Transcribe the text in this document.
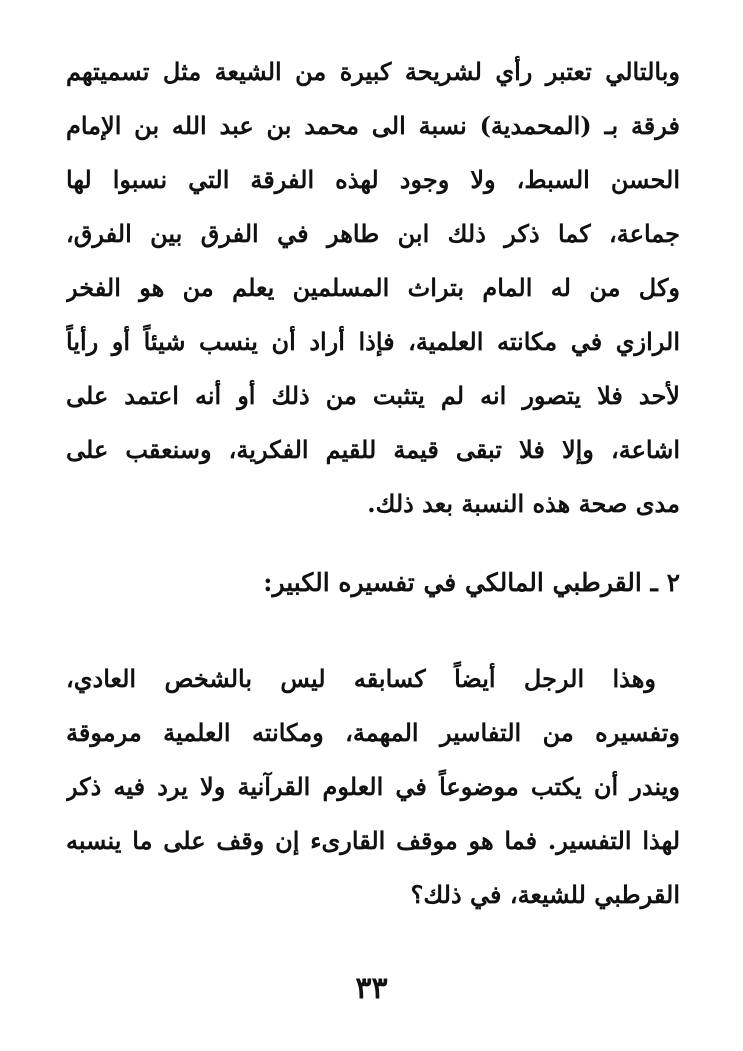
وبالتالي تعتبر رأي لشريحة كبيرة من الشيعة مثل تسميتهم
فرقة بـ (المحمدية) نسبة الى محمد بن عبد الله بن الإمام
الحسن السبط، ولا وجود لهذه الفرقة التي نسبوا لها
جماعة، كما ذكر ذلك ابن طاهر في الفرق بين الفرق،
وكل من له المام بتراث المسلمين يعلم من هو الفخر
الرازي في مكانته العلمية، فإذا أراد أن ينسب شيئاً أو رأياً
لأحد فلا يتصور انه لم يتثبت من ذلك أو أنه اعتمد على
اشاعة، وإلا فلا تبقى قيمة للقيم الفكرية، وسنعقب على
مدى صحة هذه النسبة بعد ذلك.
٢ ـ القرطبي المالكي في تفسيره الكبير:
وهذا الرجل أيضاً كسابقه ليس بالشخص العادي،
وتفسيره من التفاسير المهمة، ومكانته العلمية مرموقة
ويندر أن يكتب موضوعاً في العلوم القرآنية ولا يرد فيه ذكر
لهذا التفسير. فما هو موقف القارىء إن وقف على ما ينسبه
القرطبي للشيعة، في ذلك؟
٣٣
